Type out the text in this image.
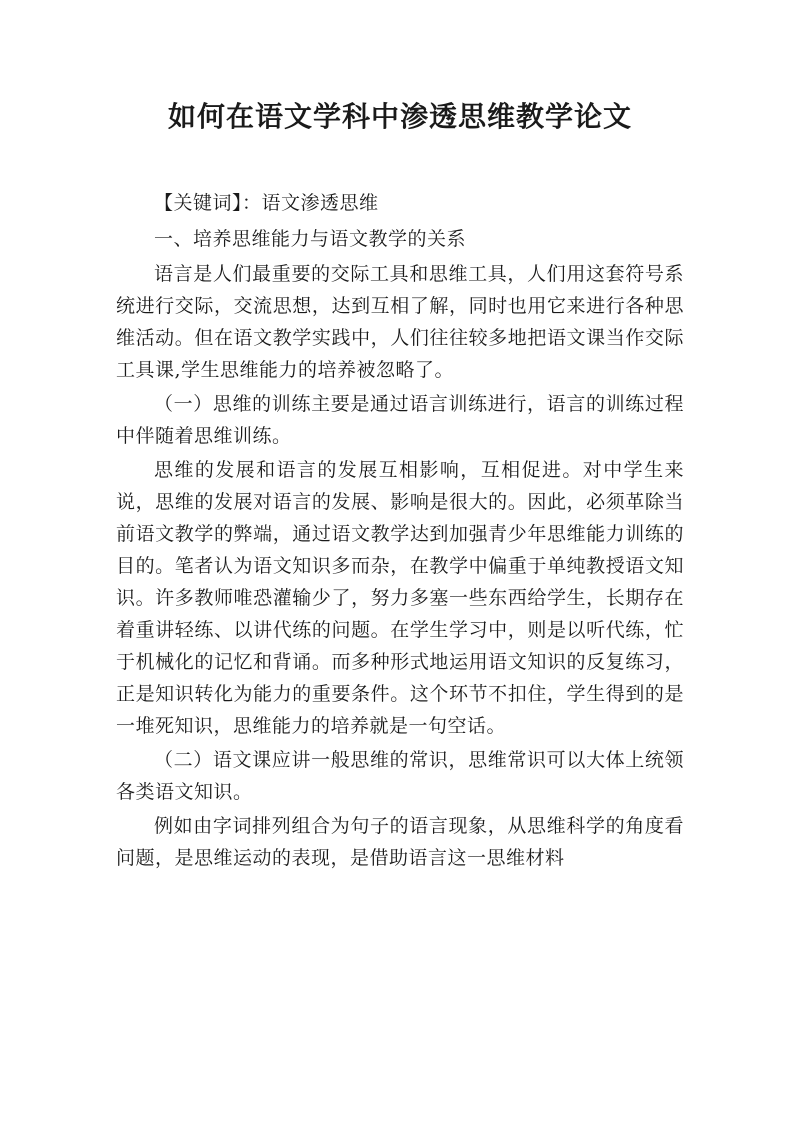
如何在语文学科中渗透思维教学论文

【关键词】：语文渗透思维

一、培养思维能力与语文教学的关系

语言是人们最重要的交际工具和思维工具，人们用这套符号系统进行交际，交流思想，达到互相了解，同时也用它来进行各种思维活动。但在语文教学实践中，人们往往较多地把语文课当作交际工具课,学生思维能力的培养被忽略了。

（一）思维的训练主要是通过语言训练进行，语言的训练过程中伴随着思维训练。

思维的发展和语言的发展互相影响，互相促进。对中学生来说，思维的发展对语言的发展、影响是很大的。因此，必须革除当前语文教学的弊端，通过语文教学达到加强青少年思维能力训练的目的。笔者认为语文知识多而杂，在教学中偏重于单纯教授语文知识。许多教师唯恐灌输少了，努力多塞一些东西给学生，长期存在着重讲轻练、以讲代练的问题。在学生学习中，则是以听代练，忙于机械化的记忆和背诵。而多种形式地运用语文知识的反复练习，正是知识转化为能力的重要条件。这个环节不扣住，学生得到的是一堆死知识，思维能力的培养就是一句空话。

（二）语文课应讲一般思维的常识，思维常识可以大体上统领各类语文知识。

例如由字词排列组合为句子的语言现象，从思维科学的角度看问题，是思维运动的表现，是借助语言这一思维材料
